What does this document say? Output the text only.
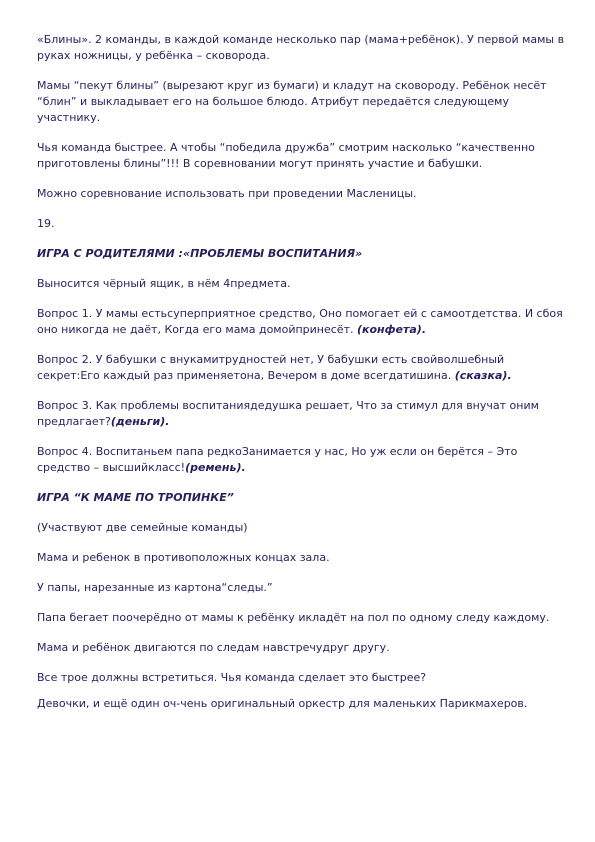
«Блины». 2 команды, в каждой команде несколько пар (мама+ребёнок). У первой мамы в руках ножницы, у ребёнка – сковорода.

Мамы “пекут блины” (вырезают круг из бумаги) и кладут на сковороду. Ребёнок несёт “блин” и выкладывает его на большое блюдо. Атрибут передаётся следующему участнику.

Чья команда быстрее. А чтобы “победила дружба” смотрим насколько “качественно приготовлены блины”!!! В соревновании могут принять участие и бабушки.

Можно соревнование использовать при проведении Масленицы.

19.

ИГРА С РОДИТЕЛЯМИ :«ПРОБЛЕМЫ ВОСПИТАНИЯ»

Выносится чёрный ящик, в нём 4предмета.

Вопрос 1. У мамы естьсуперприятное средство, Оно помогает ей с самоотдетства. И сбоя оно никогда не даёт, Когда его мама домойпринесёт. (конфета).

Вопрос 2. У бабушки с внукамитрудностей нет, У бабушки есть свойволшебный секрет:Его каждый раз применяетона, Вечером в доме всегдатишина. (сказка).

Вопрос 3. Как проблемы воспитаниядедушка решает, Что за стимул для внучат оним предлагает?(деньги).

Вопрос 4. Воспитаньем папа редкоЗанимается у нас, Но уж если он берётся – Это средство – высшийкласс!(ремень).

ИГРА “К МАМЕ ПО ТРОПИНКЕ”

(Участвуют две семейные команды)

Мама и ребенок в противоположных концах зала.

У папы, нарезанные из картона“следы.”

Папа бегает поочерёдно от мамы к ребёнку икладёт на пол по одному следу каждому.

Мама и ребёнок двигаются по следам навстречудруг другу.

Все трое должны встретиться. Чья команда сделает это быстрее?

Девочки, и ещё один оч-чень оригинальный оркестр для маленьких Парикмахеров.
